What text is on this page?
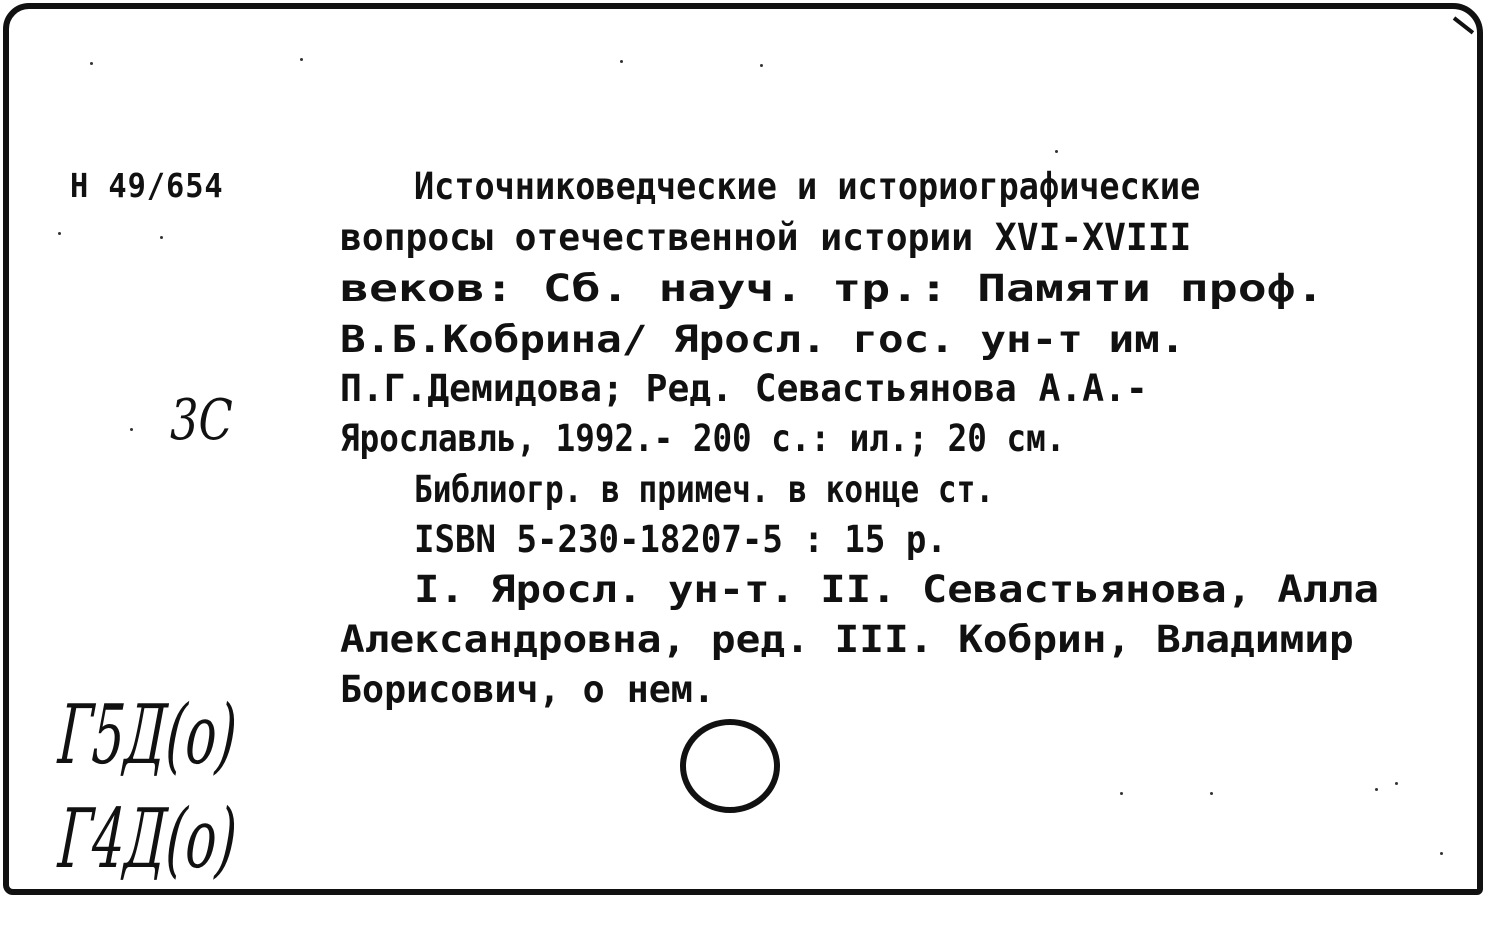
Н 49/654	Источниковедческие и историографические
вопросы отечественной истории XVI-XVIII
веков: Сб. науч. тр.: Памяти проф.
В.Б.Кобрина/ Яросл. гос. ун-т им.
П.Г.Демидова; Ред. Севастьянова А.А.-
Ярославль, 1992.- 200 с.: ил.; 20 см.
Библиогр. в примеч. в конце ст.
ISBN 5-230-18207-5 : 15 р.
I. Яросл. ун-т. II. Севастьянова, Алла
Александровна, ред. III. Кобрин, Владимир
Борисович, о нем.
3С
Г5Д(о)
Г4Д(о)
